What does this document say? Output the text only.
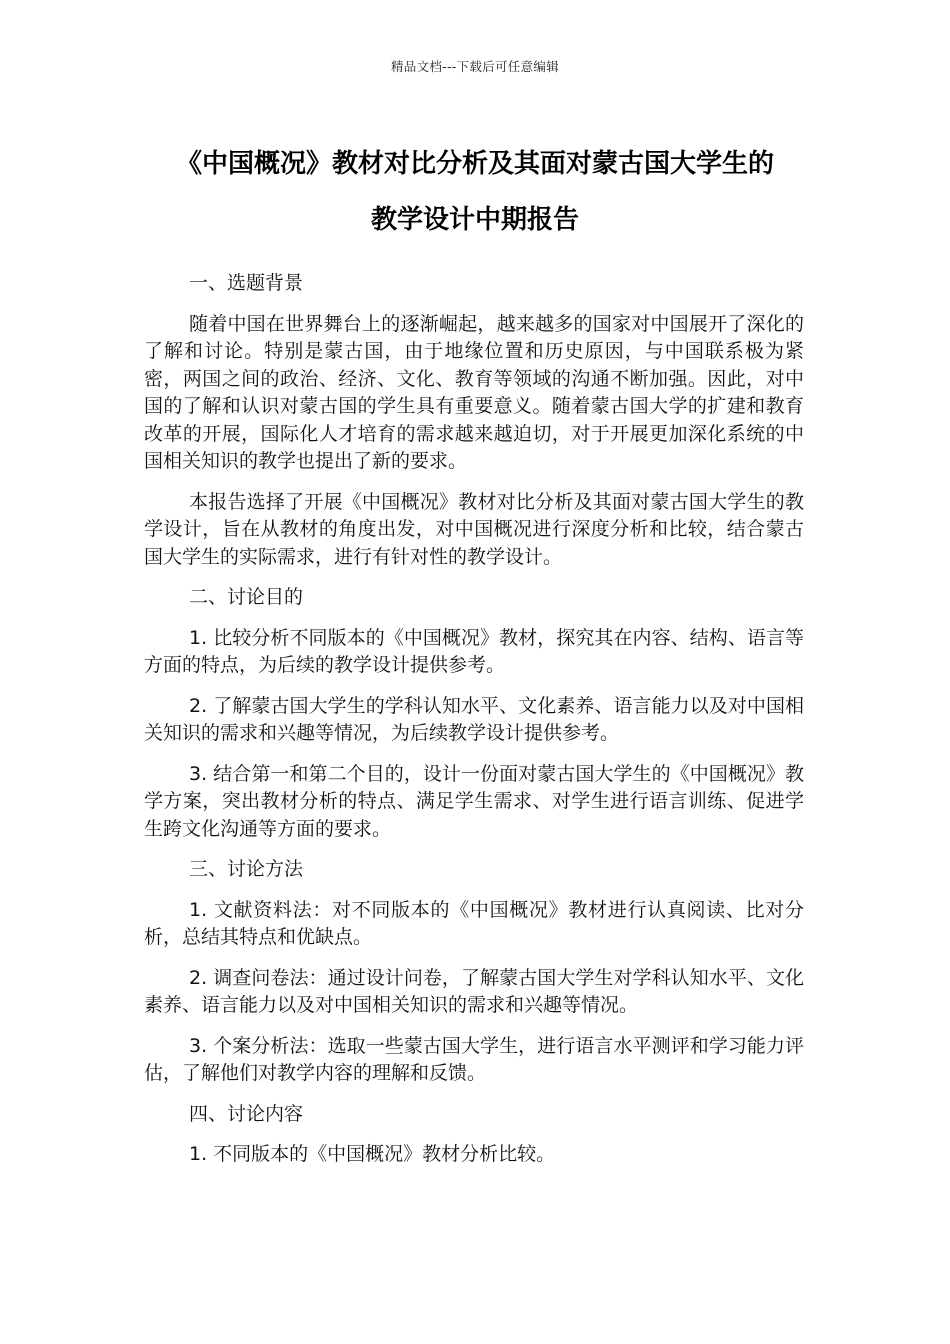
精品文档---下载后可任意编辑
《中国概况》教材对比分析及其面对蒙古国大学生的
教学设计中期报告

一、选题背景

随着中国在世界舞台上的逐渐崛起，越来越多的国家对中国展开了深化的了解和讨论。特别是蒙古国，由于地缘位置和历史原因，与中国联系极为紧密，两国之间的政治、经济、文化、教育等领域的沟通不断加强。因此，对中国的了解和认识对蒙古国的学生具有重要意义。随着蒙古国大学的扩建和教育改革的开展，国际化人才培育的需求越来越迫切，对于开展更加深化系统的中国相关知识的教学也提出了新的要求。

本报告选择了开展《中国概况》教材对比分析及其面对蒙古国大学生的教学设计，旨在从教材的角度出发，对中国概况进行深度分析和比较，结合蒙古国大学生的实际需求，进行有针对性的教学设计。

二、讨论目的

1. 比较分析不同版本的《中国概况》教材，探究其在内容、结构、语言等方面的特点，为后续的教学设计提供参考。

2. 了解蒙古国大学生的学科认知水平、文化素养、语言能力以及对中国相关知识的需求和兴趣等情况，为后续教学设计提供参考。

3. 结合第一和第二个目的，设计一份面对蒙古国大学生的《中国概况》教学方案，突出教材分析的特点、满足学生需求、对学生进行语言训练、促进学生跨文化沟通等方面的要求。

三、讨论方法

1. 文献资料法：对不同版本的《中国概况》教材进行认真阅读、比对分析，总结其特点和优缺点。

2. 调查问卷法：通过设计问卷，了解蒙古国大学生对学科认知水平、文化素养、语言能力以及对中国相关知识的需求和兴趣等情况。

3. 个案分析法：选取一些蒙古国大学生，进行语言水平测评和学习能力评估，了解他们对教学内容的理解和反馈。

四、讨论内容

1. 不同版本的《中国概况》教材分析比较。
